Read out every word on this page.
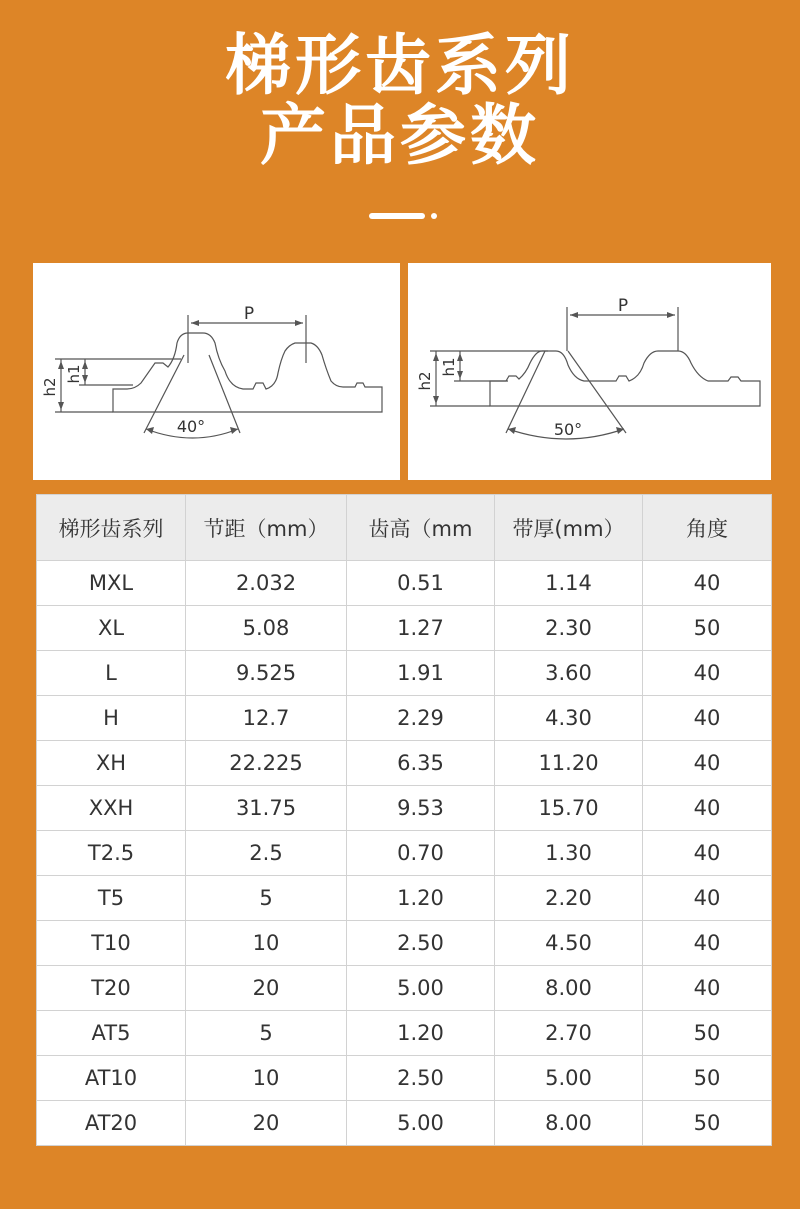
梯形齿系列
产品参数
P
h2
h1
40°
P
h2
h1
50°
梯形齿系列	节距（mm）	齿高（mm	带厚(mm）	角度
MXL	2.032	0.51	1.14	40
XL	5.08	1.27	2.30	50
L	9.525	1.91	3.60	40
H	12.7	2.29	4.30	40
XH	22.225	6.35	11.20	40
XXH	31.75	9.53	15.70	40
T2.5	2.5	0.70	1.30	40
T5	5	1.20	2.20	40
T10	10	2.50	4.50	40
T20	20	5.00	8.00	40
AT5	5	1.20	2.70	50
AT10	10	2.50	5.00	50
AT20	20	5.00	8.00	50
